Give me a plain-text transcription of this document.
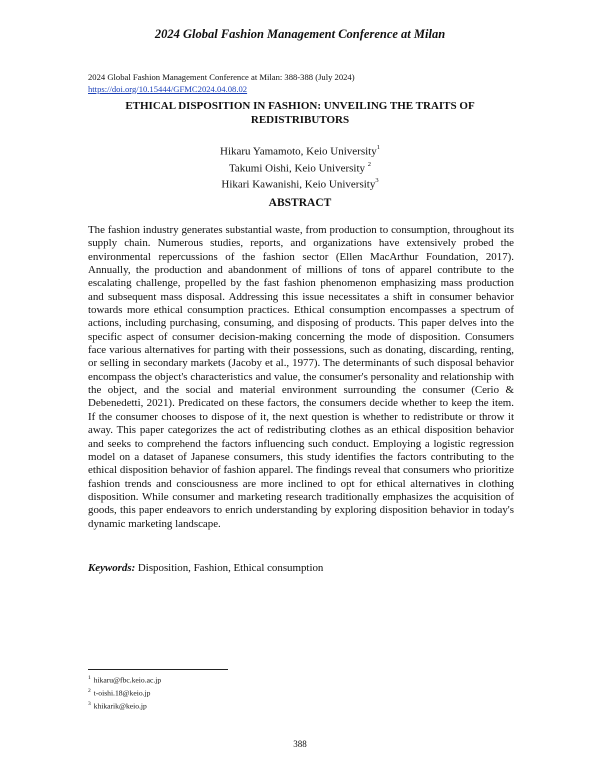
2024 Global Fashion Management Conference at Milan
2024 Global Fashion Management Conference at Milan: 388-388 (July 2024)
https://doi.org/10.15444/GFMC2024.04.08.02
ETHICAL DISPOSITION IN FASHION: UNVEILING THE TRAITS OF
REDISTRIBUTORS
Hikaru Yamamoto, Keio University$^1$
Takumi Oishi, Keio University $^2$
Hikari Kawanishi, Keio University$^3$
ABSTRACT

The fashion industry generates substantial waste, from production to consumption, throughout its supply chain. Numerous studies, reports, and organizations have extensively probed the environmental repercussions of the fashion sector (Ellen MacArthur Foundation, 2017). Annually, the production and abandonment of millions of tons of apparel contribute to the escalating challenge, propelled by the fast fashion phenomenon emphasizing mass production and subsequent mass disposal. Addressing this issue necessitates a shift in consumer behavior towards more ethical consumption practices. Ethical consumption encompasses a spectrum of actions, including purchasing, consuming, and disposing of products. This paper delves into the specific aspect of consumer decision-making concerning the mode of disposition. Consumers face various alternatives for parting with their possessions, such as donating, discarding, renting, or selling in secondary markets (Jacoby et al., 1977). The determinants of such disposal behavior encompass the object's characteristics and value, the consumer's personality and relationship with the object, and the social and material environment surrounding the consumer (Cerio & Debenedetti, 2021). Predicated on these factors, the consumers decide whether to keep the item. If the consumer chooses to dispose of it, the next question is whether to redistribute or throw it away. This paper categorizes the act of redistributing clothes as an ethical disposition behavior and seeks to comprehend the factors influencing such conduct. Employing a logistic regression model on a dataset of Japanese consumers, this study identifies the factors contributing to the ethical disposition behavior of fashion apparel. The findings reveal that consumers who prioritize fashion trends and consciousness are more inclined to opt for ethical alternatives in clothing disposition. While consumer and marketing research traditionally emphasizes the acquisition of goods, this paper endeavors to enrich understanding by exploring disposition behavior in today's dynamic marketing landscape.

Keywords: Disposition, Fashion, Ethical consumption
$^1$ hikaru@fbc.keio.ac.jp
$^2$ t-oishi.18@keio.jp
$^3$ khikarik@keio.jp
388
